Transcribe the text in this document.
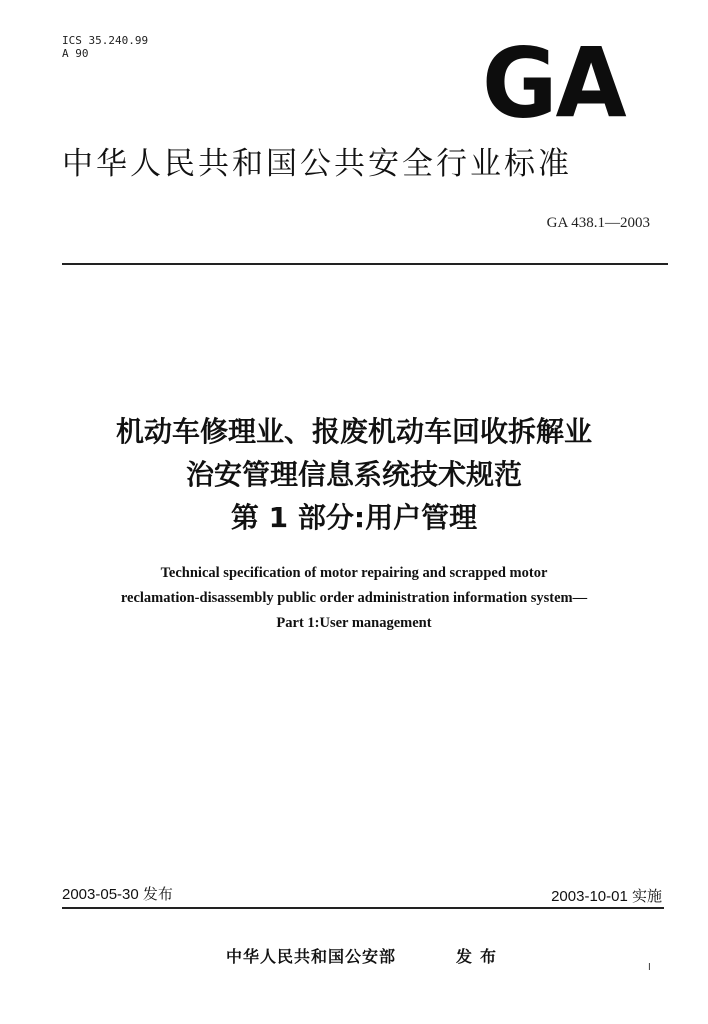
ICS 35.240.99
A 90	GA
中华人民共和国公共安全行业标准
GA 438.1—2003
机动车修理业、报废机动车回收拆解业
治安管理信息系统技术规范
第 1 部分:用户管理
Technical specification of motor repairing and scrapped motor
reclamation-disassembly public order administration information system—
Part 1:User management
2003-05-30 发布	2003-10-01 实施
中华人民共和国公安部	发布
I
